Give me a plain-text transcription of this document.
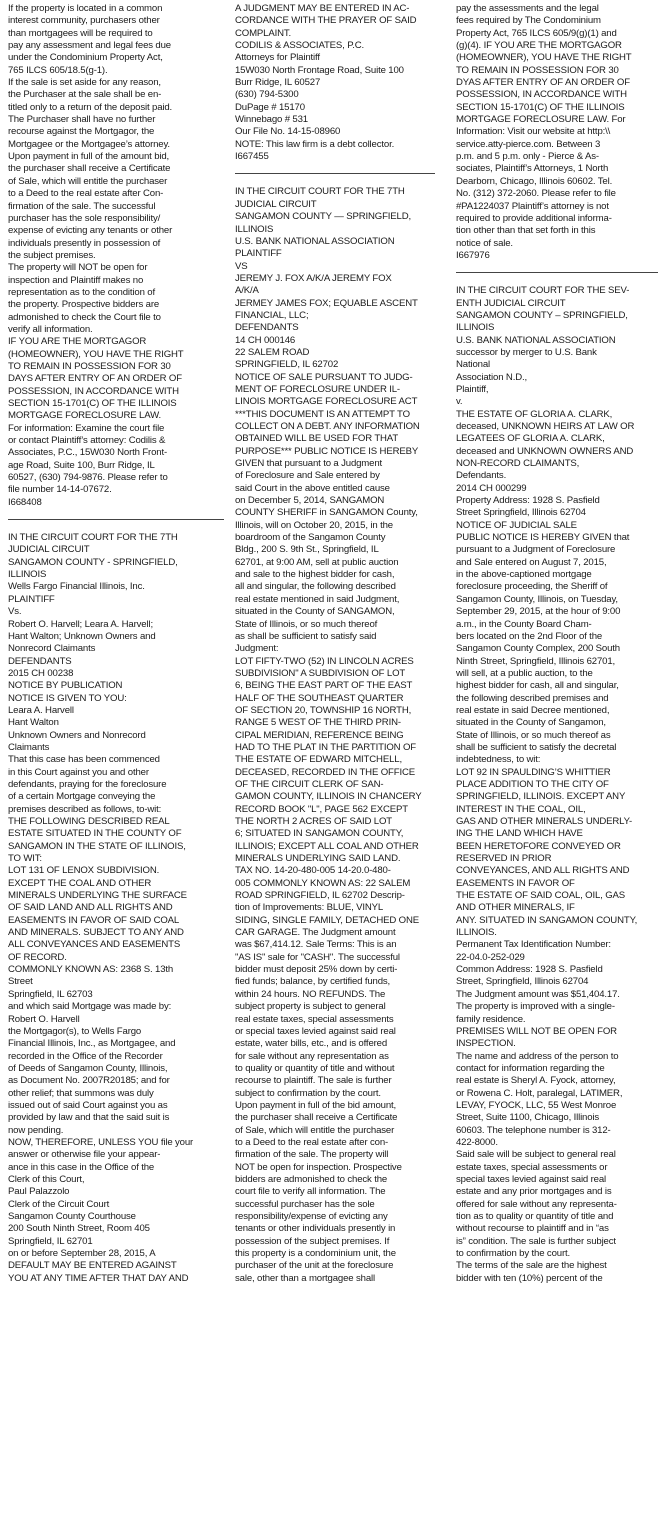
If the property is located in a common
interest community, purchasers other
than mortgagees will be required to
pay any assessment and legal fees due
under the Condominium Property Act,
765 ILCS 605/18.5(g-1).
If the sale is set aside for any reason,
the Purchaser at the sale shall be en-
titled only to a return of the deposit paid.
The Purchaser shall have no further
recourse against the Mortgagor, the
Mortgagee or the Mortgagee’s attorney.
Upon payment in full of the amount bid,
the purchaser shall receive a Certificate
of Sale, which will entitle the purchaser
to a Deed to the real estate after Con-
firmation of the sale. The successful
purchaser has the sole responsibility/
expense of evicting any tenants or other
individuals presently in possession of
the subject premises.
The property will NOT be open for
inspection and Plaintiff makes no
representation as to the condition of
the property. Prospective bidders are
admonished to check the Court file to
verify all information.
IF YOU ARE THE MORTGAGOR
(HOMEOWNER), YOU HAVE THE RIGHT
TO REMAIN IN POSSESSION FOR 30
DAYS AFTER ENTRY OF AN ORDER OF
POSSESSION, IN ACCORDANCE WITH
SECTION 15-1701(C) OF THE ILLINOIS
MORTGAGE FORECLOSURE LAW.
For information: Examine the court file
or contact Plaintiff’s attorney: Codilis &
Associates, P.C., 15W030 North Front-
age Road, Suite 100, Burr Ridge, IL
60527, (630) 794-9876. Please refer to
file number 14-14-07672.
I668408
IN THE CIRCUIT COURT FOR THE 7TH
JUDICIAL CIRCUIT
SANGAMON COUNTY - SPRINGFIELD,
ILLINOIS
Wells Fargo Financial Illinois, Inc.
PLAINTIFF
Vs.
Robert O. Harvell; Leara A. Harvell;
Hant Walton; Unknown Owners and
Nonrecord Claimants
DEFENDANTS
2015 CH 00238
NOTICE BY PUBLICATION
NOTICE IS GIVEN TO YOU:
Leara A. Harvell
Hant Walton
Unknown Owners and Nonrecord
Claimants
That this case has been commenced
in this Court against you and other
defendants, praying for the foreclosure
of a certain Mortgage conveying the
premises described as follows, to-wit:
THE FOLLOWING DESCRIBED REAL
ESTATE SITUATED IN THE COUNTY OF
SANGAMON IN THE STATE OF ILLINOIS,
TO WIT:
LOT 131 OF LENOX SUBDIVISION.
EXCEPT THE COAL AND OTHER
MINERALS UNDERLYING THE SURFACE
OF SAID LAND AND ALL RIGHTS AND
EASEMENTS IN FAVOR OF SAID COAL
AND MINERALS. SUBJECT TO ANY AND
ALL CONVEYANCES AND EASEMENTS
OF RECORD.
COMMONLY KNOWN AS: 2368 S. 13th
Street
Springfield, IL 62703
and which said Mortgage was made by:
Robert O. Harvell
the Mortgagor(s), to Wells Fargo
Financial Illinois, Inc., as Mortgagee, and
recorded in the Office of the Recorder
of Deeds of Sangamon County, Illinois,
as Document No. 2007R20185; and for
other relief; that summons was duly
issued out of said Court against you as
provided by law and that the said suit is
now pending.
NOW, THEREFORE, UNLESS YOU file your
answer or otherwise file your appear-
ance in this case in the Office of the
Clerk of this Court,
Paul Palazzolo
Clerk of the Circuit Court
Sangamon County Courthouse
200 South Ninth Street, Room 405
Springfield, IL 62701
on or before September 28, 2015, A
DEFAULT MAY BE ENTERED AGAINST
YOU AT ANY TIME AFTER THAT DAY AND
A JUDGMENT MAY BE ENTERED IN AC-
CORDANCE WITH THE PRAYER OF SAID
COMPLAINT.
CODILIS & ASSOCIATES, P.C.
Attorneys for Plaintiff
15W030 North Frontage Road, Suite 100
Burr Ridge, IL 60527
(630) 794-5300
DuPage # 15170
Winnebago # 531
Our File No. 14-15-08960
NOTE: This law firm is a debt collector.
I667455
IN THE CIRCUIT COURT FOR THE 7TH
JUDICIAL CIRCUIT
SANGAMON COUNTY — SPRINGFIELD,
ILLINOIS
U.S. BANK NATIONAL ASSOCIATION
PLAINTIFF
VS
JEREMY J. FOX A/K/A JEREMY FOX
A/K/A
JERMEY JAMES FOX; EQUABLE ASCENT
FINANCIAL, LLC;
DEFENDANTS
14 CH 000146
22 SALEM ROAD
SPRINGFIELD, IL 62702
NOTICE OF SALE PURSUANT TO JUDG-
MENT OF FORECLOSURE UNDER IL-
LINOIS MORTGAGE FORECLOSURE ACT
***THIS DOCUMENT IS AN ATTEMPT TO
COLLECT ON A DEBT. ANY INFORMATION
OBTAINED WILL BE USED FOR THAT
PURPOSE*** PUBLIC NOTICE IS HEREBY
GIVEN that pursuant to a Judgment
of Foreclosure and Sale entered by
said Court in the above entitled cause
on December 5, 2014, SANGAMON
COUNTY SHERIFF in SANGAMON County,
Illinois, will on October 20, 2015, in the
boardroom of the Sangamon County
Bldg., 200 S. 9th St., Springfield, IL
62701, at 9:00 AM, sell at public auction
and sale to the highest bidder for cash,
all and singular, the following described
real estate mentioned in said Judgment,
situated in the County of SANGAMON,
State of Illinois, or so much thereof
as shall be sufficient to satisfy said
Judgment:
LOT FIFTY-TWO (52) IN LINCOLN ACRES
SUBDIVISION" A SUBDIVISION OF LOT
6, BEING THE EAST PART OF THE EAST
HALF OF THE SOUTHEAST QUARTER
OF SECTION 20, TOWNSHIP 16 NORTH,
RANGE 5 WEST OF THE THIRD PRIN-
CIPAL MERIDIAN, REFERENCE BEING
HAD TO THE PLAT IN THE PARTITION OF
THE ESTATE OF EDWARD MITCHELL,
DECEASED, RECORDED IN THE OFFICE
OF THE CIRCUIT CLERK OF SAN-
GAMON COUNTY, ILLINOIS IN CHANCERY
RECORD BOOK "L", PAGE 562 EXCEPT
THE NORTH 2 ACRES OF SAID LOT
6; SITUATED IN SANGAMON COUNTY,
ILLINOIS; EXCEPT ALL COAL AND OTHER
MINERALS UNDERLYING SAID LAND.
TAX NO. 14-20-480-005 14-20.0-480-
005 COMMONLY KNOWN AS: 22 SALEM
ROAD SPRINGFIELD, IL 62702 Descrip-
tion of Improvements: BLUE, VINYL
SIDING, SINGLE FAMILY, DETACHED ONE
CAR GARAGE. The Judgment amount
was $67,414.12. Sale Terms: This is an
"AS IS" sale for "CASH". The successful
bidder must deposit 25% down by certi-
fied funds; balance, by certified funds,
within 24 hours. NO REFUNDS. The
subject property is subject to general
real estate taxes, special assessments
or special taxes levied against said real
estate, water bills, etc., and is offered
for sale without any representation as
to quality or quantity of title and without
recourse to plaintiff. The sale is further
subject to confirmation by the court.
Upon payment in full of the bid amount,
the purchaser shall receive a Certificate
of Sale, which will entitle the purchaser
to a Deed to the real estate after con-
firmation of the sale. The property will
NOT be open for inspection. Prospective
bidders are admonished to check the
court file to verify all information. The
successful purchaser has the sole
responsibility/expense of evicting any
tenants or other individuals presently in
possession of the subject premises. If
this property is a condominium unit, the
purchaser of the unit at the foreclosure
sale, other than a mortgagee shall
pay the assessments and the legal
fees required by The Condominium
Property Act, 765 ILCS 605/9(g)(1) and
(g)(4). IF YOU ARE THE MORTGAGOR
(HOMEOWNER), YOU HAVE THE RIGHT
TO REMAIN IN POSSESSION FOR 30
DYAS AFTER ENTRY OF AN ORDER OF
POSSESSION, IN ACCORDANCE WITH
SECTION 15-1701(C) OF THE ILLINOIS
MORTGAGE FORECLOSURE LAW. For
Information: Visit our website at http:\\
service.atty-pierce.com. Between 3
p.m. and 5 p.m. only - Pierce & As-
sociates, Plaintiff’s Attorneys, 1 North
Dearborn, Chicago, Illinois 60602. Tel.
No. (312) 372-2060. Please refer to file
#PA1224037 Plaintiff’s attorney is not
required to provide additional informa-
tion other than that set forth in this
notice of sale.
I667976
IN THE CIRCUIT COURT FOR THE SEV-
ENTH JUDICIAL CIRCUIT
SANGAMON COUNTY – SPRINGFIELD,
ILLINOIS
U.S. BANK NATIONAL ASSOCIATION
successor by merger to U.S. Bank
National
Association N.D.,
Plaintiff,
v.
THE ESTATE OF GLORIA A. CLARK,
deceased, UNKNOWN HEIRS AT LAW OR
LEGATEES OF GLORIA A. CLARK,
deceased and UNKNOWN OWNERS AND
NON-RECORD CLAIMANTS,
Defendants.
2014 CH 000299
Property Address: 1928 S. Pasfield
Street Springfield, Illinois 62704
NOTICE OF JUDICIAL SALE
PUBLIC NOTICE IS HEREBY GIVEN that
pursuant to a Judgment of Foreclosure
and Sale entered on August 7, 2015,
in the above-captioned mortgage
foreclosure proceeding, the Sheriff of
Sangamon County, Illinois, on Tuesday,
September 29, 2015, at the hour of 9:00
a.m., in the County Board Cham-
bers located on the 2nd Floor of the
Sangamon County Complex, 200 South
Ninth Street, Springfield, Illinois 62701,
will sell, at a public auction, to the
highest bidder for cash, all and singular,
the following described premises and
real estate in said Decree mentioned,
situated in the County of Sangamon,
State of Illinois, or so much thereof as
shall be sufficient to satisfy the decretal
indebtedness, to wit:
LOT 92 IN SPAULDING’S WHITTIER
PLACE ADDITION TO THE CITY OF
SPRINGFIELD, ILLINOIS. EXCEPT ANY
INTEREST IN THE COAL, OIL,
GAS AND OTHER MINERALS UNDERLY-
ING THE LAND WHICH HAVE
BEEN HERETOFORE CONVEYED OR
RESERVED IN PRIOR
CONVEYANCES, AND ALL RIGHTS AND
EASEMENTS IN FAVOR OF
THE ESTATE OF SAID COAL, OIL, GAS
AND OTHER MINERALS, IF
ANY. SITUATED IN SANGAMON COUNTY,
ILLINOIS.
Permanent Tax Identification Number:
22-04.0-252-029
Common Address: 1928 S. Pasfield
Street, Springfield, Illinois 62704
The Judgment amount was $51,404.17.
The property is improved with a single-
family residence.
PREMISES WILL NOT BE OPEN FOR
INSPECTION.
The name and address of the person to
contact for information regarding the
real estate is Sheryl A. Fyock, attorney,
or Rowena C. Holt, paralegal, LATIMER,
LEVAY, FYOCK, LLC, 55 West Monroe
Street, Suite 1100, Chicago, Illinois
60603. The telephone number is 312-
422-8000.
Said sale will be subject to general real
estate taxes, special assessments or
special taxes levied against said real
estate and any prior mortgages and is
offered for sale without any representa-
tion as to quality or quantity of title and
without recourse to plaintiff and in “as
is” condition. The sale is further subject
to confirmation by the court.
The terms of the sale are the highest
bidder with ten (10%) percent of the
